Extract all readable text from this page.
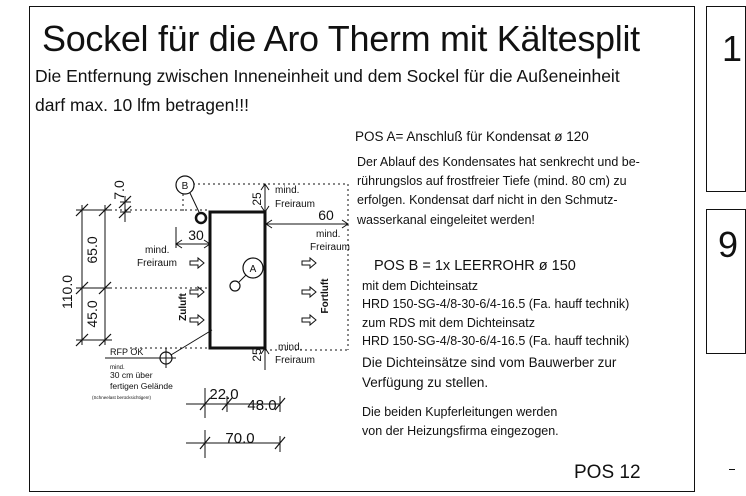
1
9
Sockel für die Aro Therm mit Kältesplit
Die Entfernung zwischen Inneneinheit und dem Sockel für die Außeneinheit
darf max. 10 lfm betragen!!!
POS A= Anschluß für Kondensat ø 120
Der Ablauf des Kondensates hat senkrecht und be-
rührungslos auf frostfreier Tiefe (mind. 80 cm) zu
erfolgen. Kondensat darf nicht in den Schmutz-
wasserkanal eingeleitet werden!
POS B = 1x LEERROHR ø 150
mit dem Dichteinsatz
HRD 150-SG-4/8-30-6/4-16.5 (Fa. hauff technik)
zum RDS mit dem Dichteinsatz
HRD 150-SG-4/8-30-6/4-16.5 (Fa. hauff technik)
Die Dichteinsätze sind vom Bauwerber zur
Verfügung zu stellen.
Die beiden Kupferleitungen werden
von der Heizungsfirma eingezogen.
POS 12
B
A
110.0
65.0
45.0
7.0
Zuluft	Fortluft
30
60
25
25
22.0
48.0
70.0
mind.
Freiraum
mind.
Freiraum
mind.
Freiraum
mind.
Freiraum
RFP OK
mind.
30 cm über
fertigen Gelände
(Schneelast berücksichtigen!)
